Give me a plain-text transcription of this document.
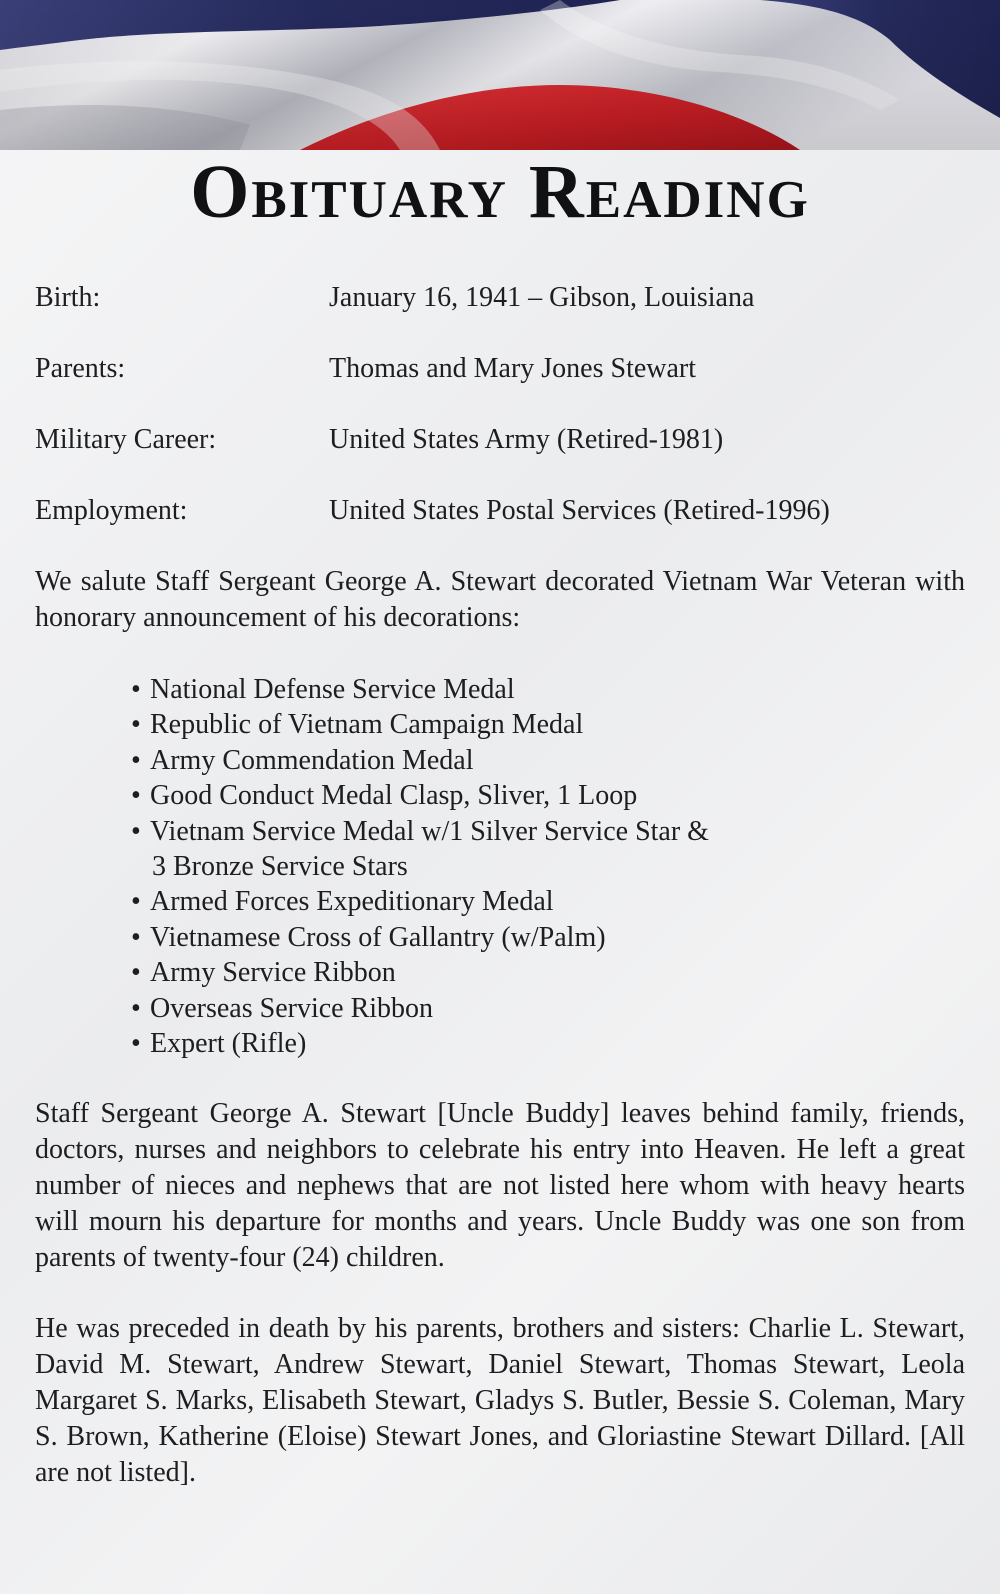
Obituary Reading
Birth:	January 16, 1941 – Gibson, Louisiana
Parents:	Thomas and Mary Jones Stewart
Military Career:	United States Army (Retired-1981)
Employment:	United States Postal Services (Retired-1996)

We salute Staff Sergeant George A. Stewart decorated Vietnam War Veteran with honorary announcement of his decorations:

• National Defense Service Medal
• Republic of Vietnam Campaign Medal
• Army Commendation Medal
• Good Conduct Medal Clasp, Sliver, 1 Loop
• Vietnam Service Medal w/1 Silver Service Star &
3 Bronze Service Stars
• Armed Forces Expeditionary Medal
• Vietnamese Cross of Gallantry (w/Palm)
• Army Service Ribbon
• Overseas Service Ribbon
• Expert (Rifle)

Staff Sergeant George A. Stewart [Uncle Buddy] leaves behind family, friends, doctors, nurses and neighbors to celebrate his entry into Heaven. He left a great number of nieces and nephews that are not listed here whom with heavy hearts will mourn his departure for months and years. Uncle Buddy was one son from parents of twenty-four (24) children.

He was preceded in death by his parents, brothers and sisters: Charlie L. Stewart, David M. Stewart, Andrew Stewart, Daniel Stewart, Thomas Stewart, Leola Margaret S. Marks, Elisabeth Stewart, Gladys S. Butler, Bessie S. Coleman, Mary S. Brown, Katherine (Eloise) Stewart Jones, and Gloriastine Stewart Dillard. [All are not listed].
